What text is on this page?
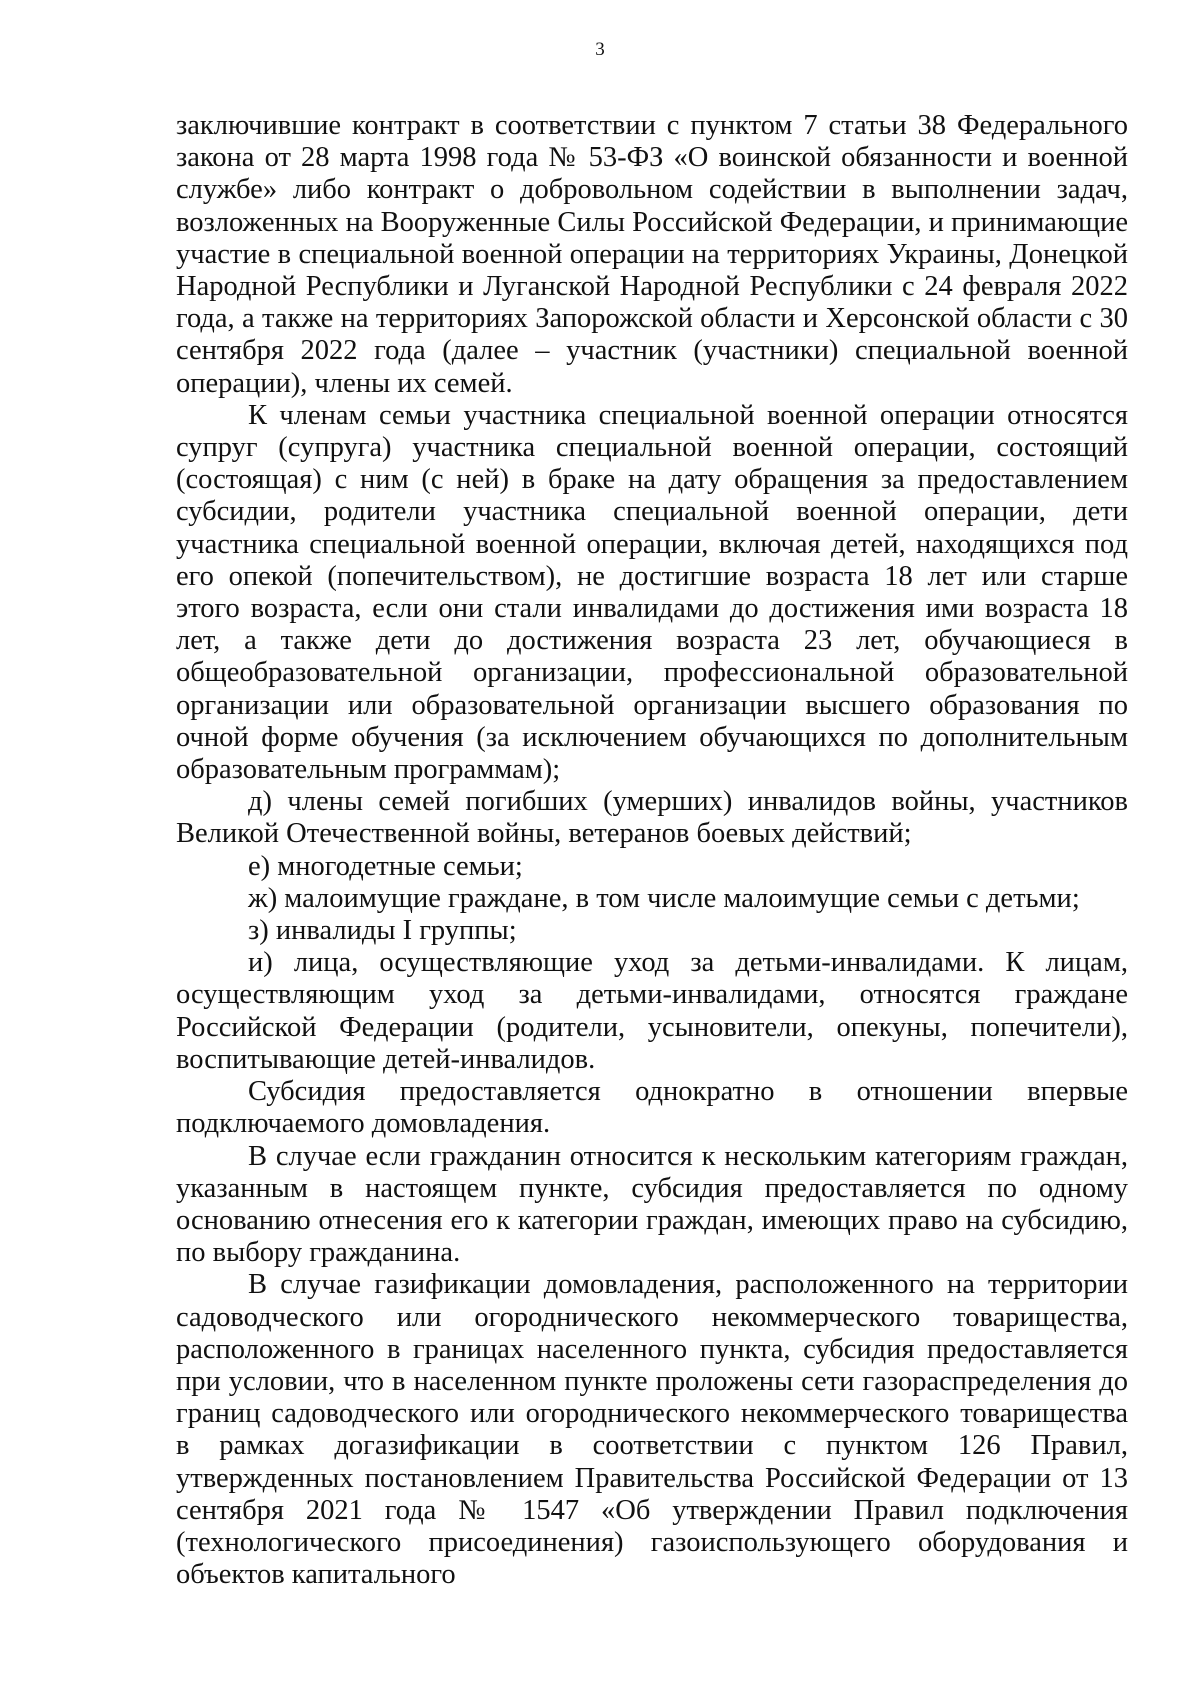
3

заключившие контракт в соответствии с пунктом 7 статьи 38 Федерального закона от 28 марта 1998 года № 53-ФЗ «О воинской обязанности и военной службе» либо контракт о добровольном содействии в выполнении задач, возложенных на Вооруженные Силы Российской Федерации, и принимающие участие в специальной военной операции на территориях Украины, Донецкой Народной Республики и Луганской Народной Республики с 24 февраля 2022 года, а также на территориях Запорожской области и Херсонской области с 30 сентября 2022 года (далее – участник (участники) специальной военной операции), члены их семей.

К членам семьи участника специальной военной операции относятся супруг (супруга) участника специальной военной операции, состоящий (состоящая) с ним (с ней) в браке на дату обращения за предоставлением субсидии, родители участника специальной военной операции, дети участника специальной военной операции, включая детей, находящихся под его опекой (попечительством), не достигшие возраста 18 лет или старше этого возраста, если они стали инвалидами до достижения ими возраста 18 лет, а также дети до достижения возраста 23 лет, обучающиеся в общеобразовательной организации, профессиональной образовательной организации или образовательной организации высшего образования по очной форме обучения (за исключением обучающихся по дополнительным образовательным программам);

д) члены семей погибших (умерших) инвалидов войны, участников Великой Отечественной войны, ветеранов боевых действий;

е) многодетные семьи;

ж) малоимущие граждане, в том числе малоимущие семьи с детьми;

з) инвалиды I группы;

и) лица, осуществляющие уход за детьми-инвалидами. К лицам, осуществляющим уход за детьми-инвалидами, относятся граждане Российской Федерации (родители, усыновители, опекуны, попечители), воспитывающие детей-инвалидов.

Субсидия предоставляется однократно в отношении впервые подключаемого домовладения.

В случае если гражданин относится к нескольким категориям граждан, указанным в настоящем пункте, субсидия предоставляется по одному основанию отнесения его к категории граждан, имеющих право на субсидию, по выбору гражданина.

В случае газификации домовладения, расположенного на территории садоводческого или огороднического некоммерческого товарищества, расположенного в границах населенного пункта, субсидия предоставляется при условии, что в населенном пункте проложены сети газораспределения до границ садоводческого или огороднического некоммерческого товарищества в рамках догазификации в соответствии с пунктом 126 Правил, утвержденных постановлением Правительства Российской Федерации от 13 сентября 2021 года № 1547 «Об утверждении Правил подключения (технологического присоединения) газоиспользующего оборудования и объектов капитального
